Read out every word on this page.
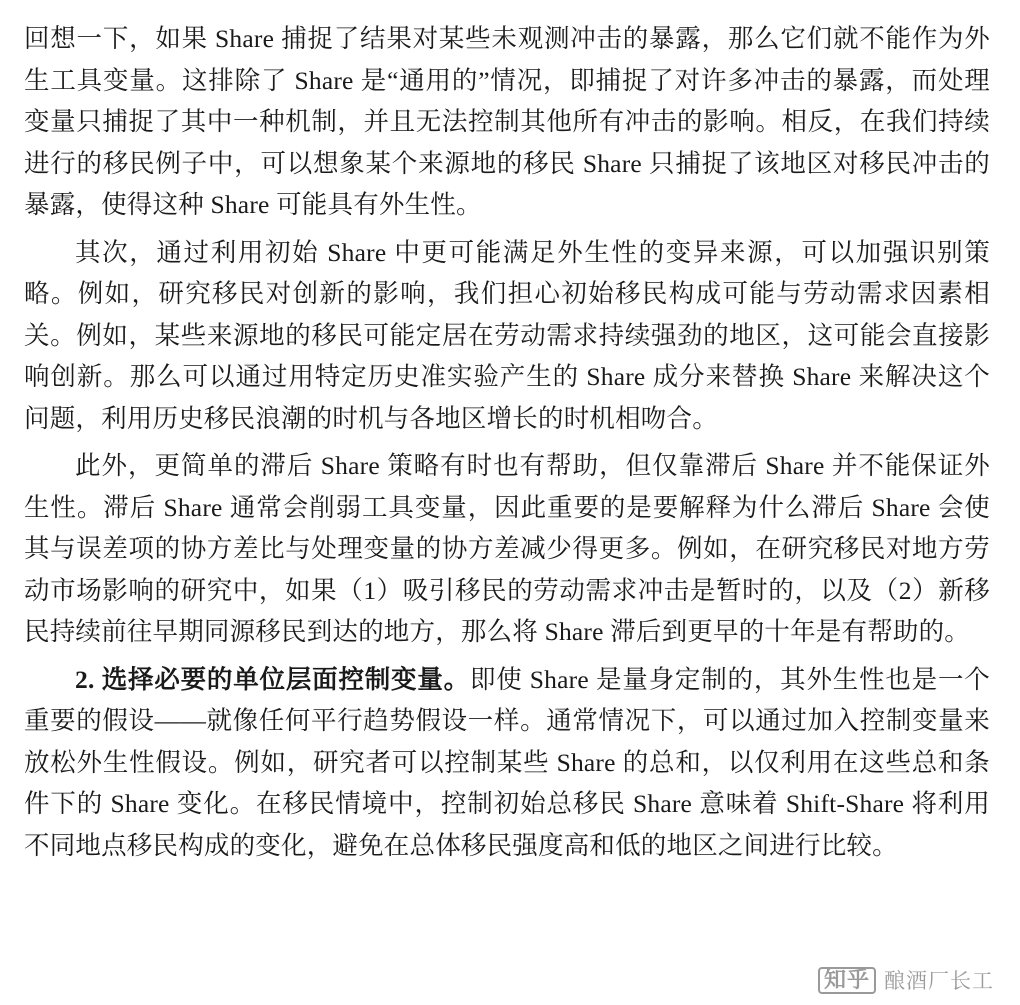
回想一下，如果 Share 捕捉了结果对某些未观测冲击的暴露，那么它们就不能作为外生工具变量。这排除了 Share 是“通用的”情况，即捕捉了对许多冲击的暴露，而处理变量只捕捉了其中一种机制，并且无法控制其他所有冲击的影响。相反，在我们持续进行的移民例子中，可以想象某个来源地的移民 Share 只捕捉了该地区对移民冲击的暴露，使得这种 Share 可能具有外生性。

其次，通过利用初始 Share 中更可能满足外生性的变异来源，可以加强识别策略。例如，研究移民对创新的影响，我们担心初始移民构成可能与劳动需求因素相关。例如，某些来源地的移民可能定居在劳动需求持续强劲的地区，这可能会直接影响创新。那么可以通过用特定历史准实验产生的 Share 成分来替换 Share 来解决这个问题，利用历史移民浪潮的时机与各地区增长的时机相吻合。

此外，更简单的滞后 Share 策略有时也有帮助，但仅靠滞后 Share 并不能保证外生性。滞后 Share 通常会削弱工具变量，因此重要的是要解释为什么滞后 Share 会使其与误差项的协方差比与处理变量的协方差减少得更多。例如，在研究移民对地方劳动市场影响的研究中，如果（1）吸引移民的劳动需求冲击是暂时的，以及（2）新移民持续前往早期同源移民到达的地方，那么将 Share 滞后到更早的十年是有帮助的。

2. 选择必要的单位层面控制变量。即使 Share 是量身定制的，其外生性也是一个重要的假设——就像任何平行趋势假设一样。通常情况下，可以通过加入控制变量来放松外生性假设。例如，研究者可以控制某些 Share 的总和，以仅利用在这些总和条件下的 Share 变化。在移民情境中，控制初始总移民 Share 意味着 Shift-Share 将利用不同地点移民构成的变化，避免在总体移民强度高和低的地区之间进行比较。

知乎 酿酒厂长工
